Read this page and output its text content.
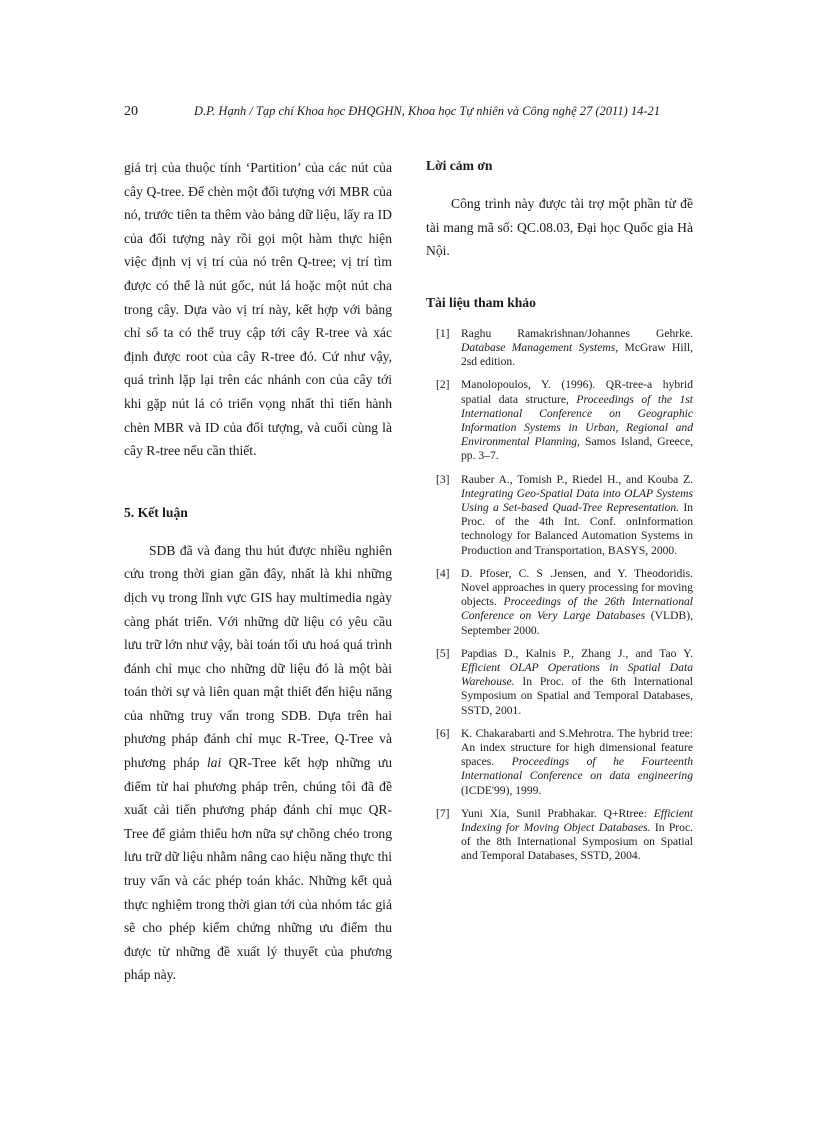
20	D.P. Hạnh / Tạp chí Khoa học ĐHQGHN, Khoa học Tự nhiên và Công nghệ 27 (2011) 14-21

giá trị của thuộc tính ‘Partition’ của các nút của cây Q-tree. Để chèn một đối tượng với MBR của nó, trước tiên ta thêm vào bảng dữ liệu, lấy ra ID của đối tượng này rồi gọi một hàm thực hiện việc định vị vị trí của nó trên Q-tree; vị trí tìm được có thể là nút gốc, nút lá hoặc một nút cha trong cây. Dựa vào vị trí này, kết hợp với bảng chỉ số ta có thể truy cập tới cây R-tree và xác định được root của cây R-tree đó. Cứ như vậy, quá trình lặp lại trên các nhánh con của cây tới khi gặp nút lá có triển vọng nhất thì tiến hành chèn MBR và ID của đối tượng, và cuối cùng là cây R-tree nếu cần thiết.

5. Kết luận

SDB đã và đang thu hút được nhiều nghiên cứu trong thời gian gần đây, nhất là khi những dịch vụ trong lĩnh vực GIS hay multimedia ngày càng phát triển. Với những dữ liệu có yêu cầu lưu trữ lớn như vậy, bài toán tối ưu hoá quá trình đánh chỉ mục cho những dữ liệu đó là một bài toán thời sự và liên quan mật thiết đến hiệu năng của những truy vấn trong SDB. Dựa trên hai phương pháp đánh chỉ mục R-Tree, Q-Tree và phương pháp lai QR-Tree kết hợp những ưu điểm từ hai phương pháp trên, chúng tôi đã đề xuất cải tiến phương pháp đánh chỉ mục QR-Tree để giảm thiểu hơn nữa sự chồng chéo trong lưu trữ dữ liệu nhằm nâng cao hiệu năng thực thi truy vấn và các phép toán khác. Những kết quả thực nghiệm trong thời gian tới của nhóm tác giả sẽ cho phép kiểm chứng những ưu điểm thu được từ những đề xuất lý thuyết của phương pháp này.

Lời cảm ơn

Công trình này được tài trợ một phần từ đề tài mang mã số: QC.08.03, Đại học Quốc gia Hà Nội.

Tài liệu tham khảo
[1] Raghu Ramakrishnan/Johannes Gehrke. Database Management Systems, McGraw Hill, 2sd edition.
[2] Manolopoulos, Y. (1996). QR-tree-a hybrid spatial data structure, Proceedings of the 1st International Conference on Geographic Information Systems in Urban, Regional and Environmental Planning, Samos Island, Greece, pp. 3–7.
[3] Rauber A., Tomish P., Riedel H., and Kouba Z. Integrating Geo-Spatial Data into OLAP Systems Using a Set-based Quad-Tree Representation. In Proc. of the 4th Int. Conf. onInformation technology for Balanced Automation Systems in Production and Transportation, BASYS, 2000.
[4] D. Pfoser, C. S .Jensen, and Y. Theodoridis. Novel approaches in query processing for moving objects. Proceedings of the 26th International Conference on Very Large Databases (VLDB), September 2000.
[5] Papdias D., Kalnis P., Zhang J., and Tao Y. Efficient OLAP Operations in Spatial Data Warehouse. In Proc. of the 6th International Symposium on Spatial and Temporal Databases, SSTD, 2001.
[6] K. Chakarabarti and S.Mehrotra. The hybrid tree: An index structure for high dimensional feature spaces. Proceedings of he Fourteenth International Conference on data engineering (ICDE'99), 1999.
[7] Yuni Xia, Sunil Prabhakar. Q+Rtree: Efficient Indexing for Moving Object Databases. In Proc. of the 8th International Symposium on Spatial and Temporal Databases, SSTD, 2004.
